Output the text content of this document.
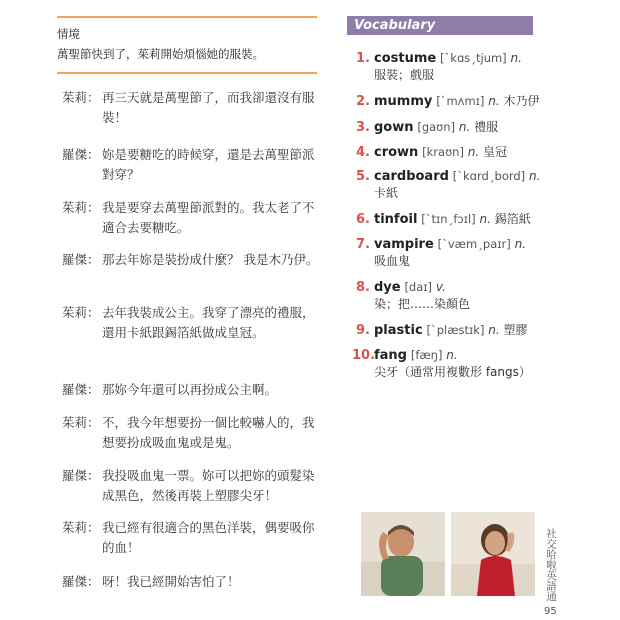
情境
萬聖節快到了，茱莉開始煩惱她的服裝。
茱莉： 再三天就是萬聖節了，而我卻還沒有服裝！
羅傑： 妳是要糖吃的時候穿，還是去萬聖節派對穿？
茱莉： 我是要穿去萬聖節派對的。我太老了不適合去要糖吃。
羅傑： 那去年妳是裝扮成什麼？ 我是木乃伊。
茱莉： 去年我裝成公主。我穿了漂亮的禮服，還用卡紙跟錫箔紙做成皇冠。
羅傑： 那妳今年還可以再扮成公主啊。
茱莉： 不，我今年想要扮一個比較嚇人的，我想要扮成吸血鬼或是鬼。
羅傑： 我投吸血鬼一票。妳可以把妳的頭髮染成黑色，然後再裝上塑膠尖牙！
茱莉： 我已經有很適合的黑色洋裝，偶要吸你的血！
羅傑： 呀！我已經開始害怕了！
Vocabulary
1. costume [ˋkɑsˏtjum] n.
服裝；戲服
2. mummy [ˋmʌmɪ] n. 木乃伊
3. gown [gaʊn] n. 禮服
4. crown [kraʊn] n. 皇冠
5. cardboard [ˋkɑrdˏbord] n.
卡紙
6. tinfoil [ˋtɪnˏfɔɪl] n. 錫箔紙
7. vampire [ˋvæmˏpaɪr] n.
吸血鬼
8. dye [daɪ] v.
染；把……染顏色
9. plastic [ˋplæstɪk] n. 塑膠
10.
fang [fæŋ] n.
尖牙（通常用複數形 fangs）
社交哈啦英語通
95
